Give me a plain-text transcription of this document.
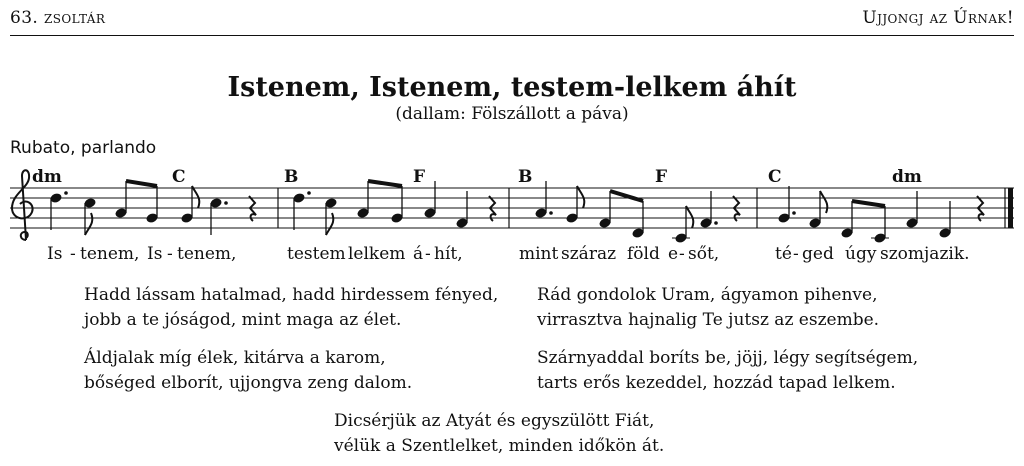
63. zsoltár	Ujjongj az Úrnak!
Istenem, Istenem, testem-lelkem áhít
(dallam: Fölszállott a páva)
Rubato, parlando
dm	C	B	F	B	F	C	dm
Is - tenem, Is - tenem,	testem lelkem á - hít,	mint száraz föld e - sőt,	té - ged úgy szomjazik.
Hadd lássam hatalmad, hadd hirdessem fényed,
jobb a te jóságod, mint maga az élet.
Rád gondolok Uram, ágyamon pihenve,
virrasztva hajnalig Te jutsz az eszembe.
Áldjalak míg élek, kitárva a karom,
bőséged elborít, ujjongva zeng dalom.
Szárnyaddal boríts be, jöjj, légy segítségem,
tarts erős kezeddel, hozzád tapad lelkem.
Dicsérjük az Atyát és egyszülött Fiát,
vélük a Szentlelket, minden időkön át.
